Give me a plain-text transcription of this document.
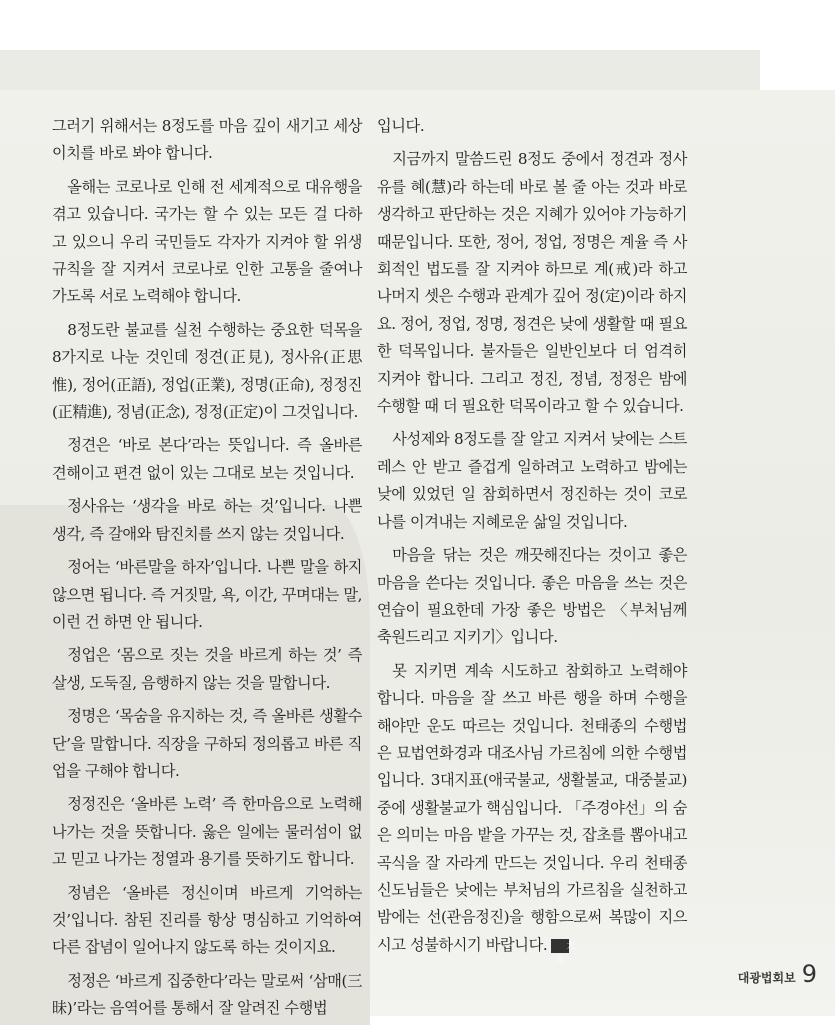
그러기 위해서는 8정도를 마음 깊이 새기고 세상 이치를 바로 봐야 합니다.

올해는 코로나로 인해 전 세계적으로 대유행을 겪고 있습니다. 국가는 할 수 있는 모든 걸 다하고 있으니 우리 국민들도 각자가 지켜야 할 위생규칙을 잘 지켜서 코로나로 인한 고통을 줄여나가도록 서로 노력해야 합니다.

8정도란 불교를 실천 수행하는 중요한 덕목을 8가지로 나눈 것인데 정견(正見), 정사유(正思惟), 정어(正語), 정업(正業), 정명(正命), 정정진(正精進), 정념(正念), 정정(正定)이 그것입니다.

정견은 ‘바로 본다’라는 뜻입니다. 즉 올바른 견해이고 편견 없이 있는 그대로 보는 것입니다.

정사유는 ‘생각을 바로 하는 것’입니다. 나쁜 생각, 즉 갈애와 탐진치를 쓰지 않는 것입니다.

정어는 ‘바른말을 하자’입니다. 나쁜 말을 하지 않으면 됩니다. 즉 거짓말, 욕, 이간, 꾸며대는 말, 이런 건 하면 안 됩니다.

정업은 ‘몸으로 짓는 것을 바르게 하는 것’ 즉 살생, 도둑질, 음행하지 않는 것을 말합니다.

정명은 ‘목숨을 유지하는 것, 즉 올바른 생활수단’을 말합니다. 직장을 구하되 정의롭고 바른 직업을 구해야 합니다.

정정진은 ‘올바른 노력’ 즉 한마음으로 노력해 나가는 것을 뜻합니다. 옳은 일에는 물러섬이 없고 믿고 나가는 정열과 용기를 뜻하기도 합니다.

정념은 ‘올바른 정신이며 바르게 기억하는 것’입니다. 참된 진리를 항상 명심하고 기억하여 다른 잡념이 일어나지 않도록 하는 것이지요.

정정은 ‘바르게 집중한다’라는 말로써 ‘삼매(三昧)’라는 음역어를 통해서 잘 알려진 수행법

입니다.

지금까지 말씀드린 8정도 중에서 정견과 정사유를 혜(慧)라 하는데 바로 볼 줄 아는 것과 바로 생각하고 판단하는 것은 지혜가 있어야 가능하기 때문입니다. 또한, 정어, 정업, 정명은 계율 즉 사회적인 법도를 잘 지켜야 하므로 계(戒)라 하고 나머지 셋은 수행과 관계가 깊어 정(定)이라 하지요. 정어, 정업, 정명, 정견은 낮에 생활할 때 필요한 덕목입니다. 불자들은 일반인보다 더 엄격히 지켜야 합니다. 그리고 정진, 정념, 정정은 밤에 수행할 때 더 필요한 덕목이라고 할 수 있습니다.

사성제와 8정도를 잘 알고 지켜서 낮에는 스트레스 안 받고 즐겁게 일하려고 노력하고 밤에는 낮에 있었던 일 참회하면서 정진하는 것이 코로나를 이겨내는 지혜로운 삶일 것입니다.

마음을 닦는 것은 깨끗해진다는 것이고 좋은 마음을 쓴다는 것입니다. 좋은 마음을 쓰는 것은 연습이 필요한데 가장 좋은 방법은 〈부처님께 축원드리고 지키기〉입니다.

못 지키면 계속 시도하고 참회하고 노력해야 합니다. 마음을 잘 쓰고 바른 행을 하며 수행을 해야만 운도 따르는 것입니다. 천태종의 수행법은 묘법연화경과 대조사님 가르침에 의한 수행법입니다. 3대지표(애국불교, 생활불교, 대중불교) 중에 생활불교가 핵심입니다. 「주경야선」의 숨은 의미는 마음 밭을 가꾸는 것, 잡초를 뽑아내고 곡식을 잘 자라게 만드는 것입니다. 우리 천태종 신도님들은 낮에는 부처님의 가르침을 실천하고 밤에는 선(관음정진)을 행함으로써 복많이 지으시고 성불하시기 바랍니다. 大光

대광법회보 9
